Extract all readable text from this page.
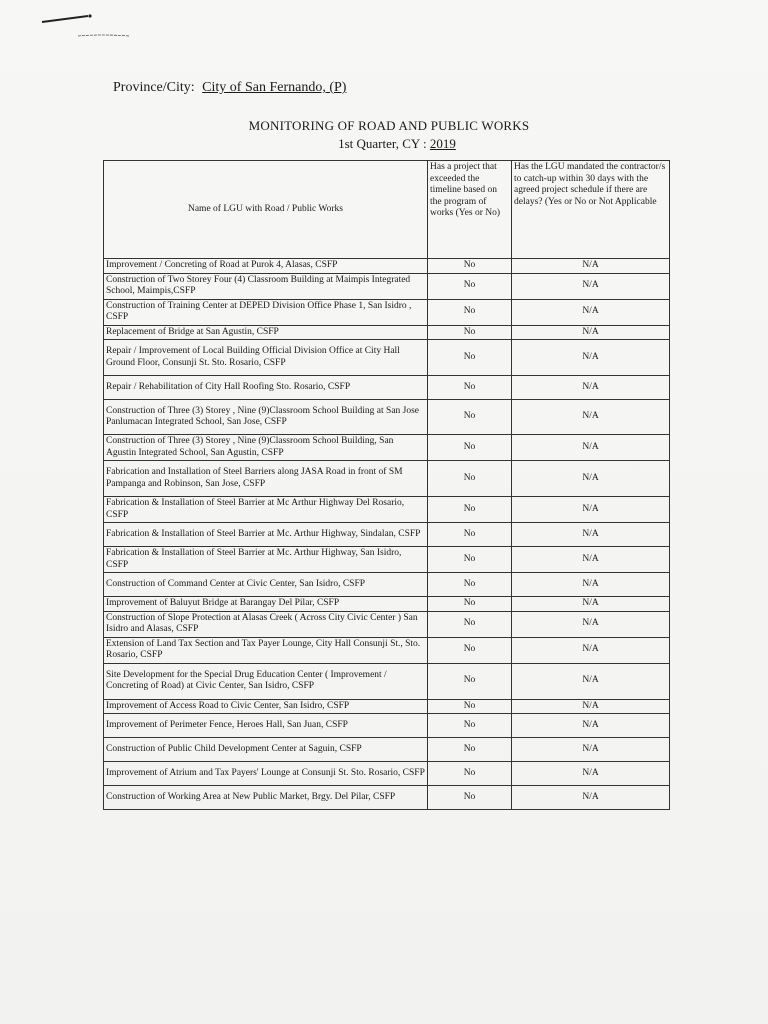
Province/City: City of San Fernando, (P)
MONITORING OF ROAD AND PUBLIC WORKS
1st Quarter, CY : 2019
Name of LGU with Road / Public Works	Has a project that exceeded the timeline based on the program of works (Yes or No)	Has the LGU mandated the contractor/s to catch-up within 30 days with the agreed project schedule if there are delays? (Yes or No or Not Applicable
Improvement / Concreting of Road at Purok 4, Alasas, CSFP	No	N/A
Construction of Two Storey Four (4) Classroom Building at Maimpis Integrated School, Maimpis,CSFP	No	N/A
Construction of Training Center at DEPED Division Office Phase 1, San Isidro , CSFP	No	N/A
Replacement of Bridge at San Agustin, CSFP	No	N/A
Repair / Improvement of Local Building Official Division Office at City Hall Ground Floor, Consunji St. Sto. Rosario, CSFP	No	N/A
Repair / Rehabilitation of City Hall Roofing Sto. Rosario, CSFP	No	N/A
Construction of Three (3) Storey , Nine (9)Classroom School Building at San Jose Panlumacan Integrated School, San Jose, CSFP	No	N/A
Construction of Three (3) Storey , Nine (9)Classroom School Building, San Agustin Integrated School, San Agustin, CSFP	No	N/A
Fabrication and Installation of Steel Barriers along JASA Road in front of SM Pampanga and Robinson, San Jose, CSFP	No	N/A
Fabrication & Installation of Steel Barrier at Mc Arthur Highway Del Rosario, CSFP	No	N/A
Fabrication & Installation of Steel Barrier at Mc. Arthur Highway, Sindalan, CSFP	No	N/A
Fabrication & Installation of Steel Barrier at Mc. Arthur Highway, San Isidro, CSFP	No	N/A
Construction of Command Center at Civic Center, San Isidro, CSFP	No	N/A
Improvement of Baluyut Bridge at Barangay Del Pilar, CSFP	No	N/A
Construction of Slope Protection at Alasas Creek ( Across City Civic Center ) San Isidro and Alasas, CSFP	No	N/A
Extension of Land Tax Section and Tax Payer Lounge, City Hall Consunji St., Sto. Rosario, CSFP	No	N/A
Site Development for the Special Drug Education Center ( Improvement / Concreting of Road) at Civic Center, San Isidro, CSFP	No	N/A
Improvement of Access Road to Civic Center, San Isidro, CSFP	No	N/A
Improvement of Perimeter Fence, Heroes Hall, San Juan, CSFP	No	N/A
Construction of Public Child Development Center at Saguin, CSFP	No	N/A
Improvement of Atrium and Tax Payers' Lounge at Consunji St. Sto. Rosario, CSFP	No	N/A
Construction of Working Area at New Public Market, Brgy. Del Pilar, CSFP	No	N/A
